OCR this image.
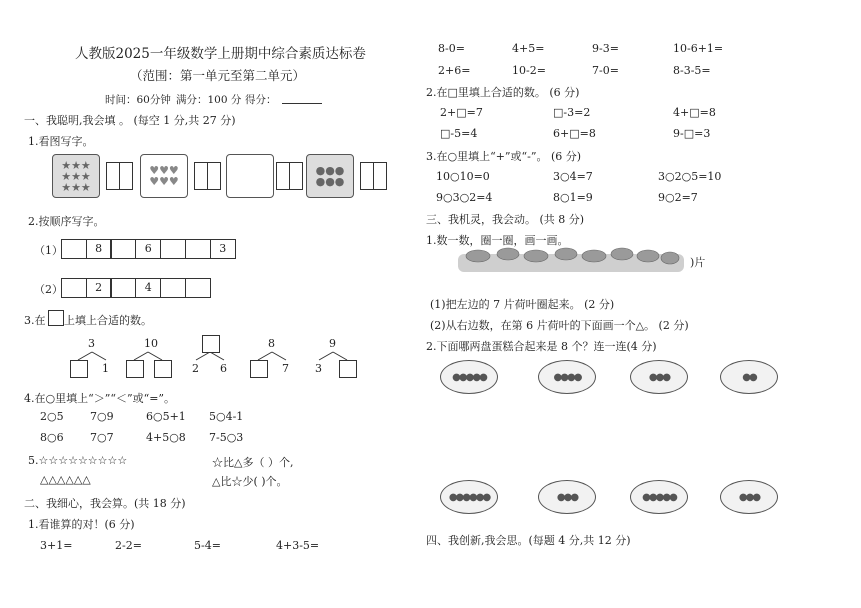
人教版2025一年级数学上册期中综合素质达标卷
（范围：第一单元至第二单元）
时间：60分钟 满分：100 分 得分：
一、我聪明,我会填 。 (每空 1 分,共 27 分)
1.看图写字。
★★★★★★★★★
♥♥♥♥♥♥
●●●●●●
2.按顺序写字。
（1）	8	6	3
（2）	2	4
3.在 上填上合适的数。
3
1
10
2 6
8
7
9
3
4.在○里填上“＞”“＜”或“=”。
2○5 7○9	6○5+1 5○4-1
8○6 7○7	4+5○8 7-5○3
5.☆☆☆☆☆☆☆☆☆	☆比△多（ ）个,
△△△△△△	△比☆少( )个。
二、我细心，我会算。(共 18 分)
1.看谁算的对！(6 分)
3+1=	2-2=	5-4=	4+3-5=
8-0=	4+5=	9-3=	10-6+1=
2+6=	10-2=	7-0=	8-3-5=
2.在□里填上合适的数。 (6 分)
2+□=7	□-3=2	4+□=8
□-5=4	6+□=8	9-□=3
3.在○里填上“+”或“-”。 (6 分)
10○10=0	3○4=7	3○2○5=10
9○3○2=4	8○1=9	9○2=7
三、我机灵，我会动。 (共 8 分)
1.数一数，圈一圈，画一画。
)片
(1)把左边的 7 片荷叶圈起来。 (2 分)
(2)从右边数，在第 6 片荷叶的下面画一个△。 (2 分)
2.下面哪两盘蛋糕合起来是 8 个？连一连(4 分)
●●●●●	●●●●	●●●	●●
●●●●●●	●●●	●●●●●	●●●
四、我创新,我会思。(每题 4 分,共 12 分)
